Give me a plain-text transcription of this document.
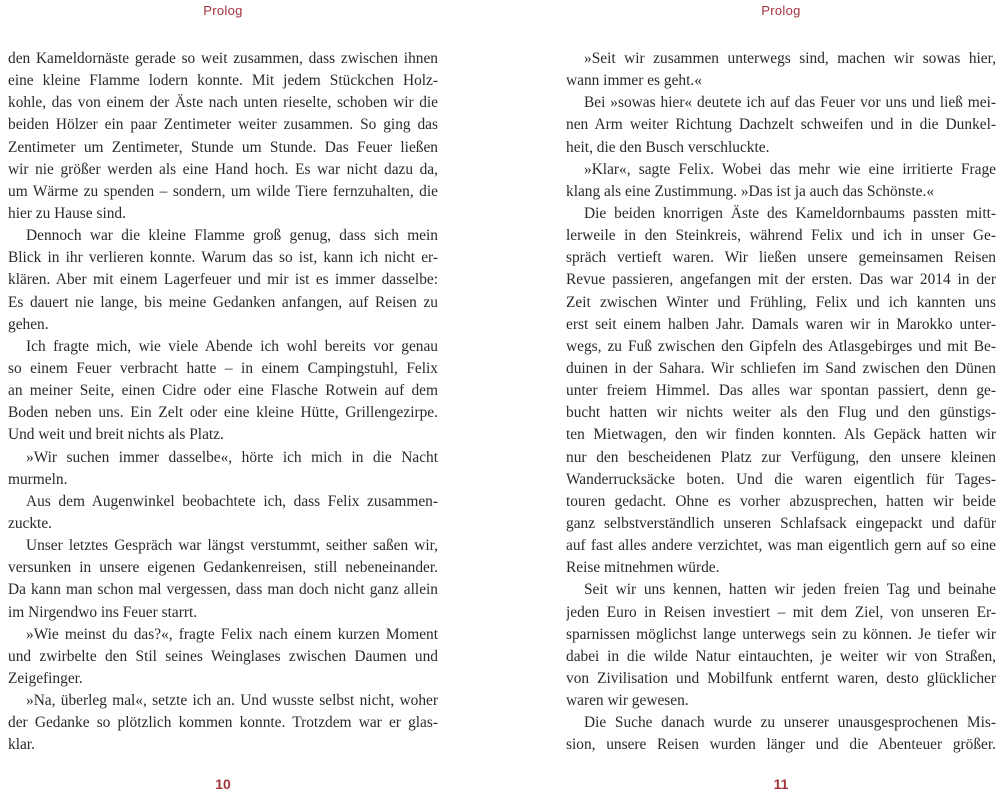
Prolog
den Kameldornäste gerade so weit zusammen, dass zwischen ihnen
eine kleine Flamme lodern konnte. Mit jedem Stückchen Holz-
kohle, das von einem der Äste nach unten rieselte, schoben wir die
beiden Hölzer ein paar Zentimeter weiter zusammen. So ging das
Zentimeter um Zentimeter, Stunde um Stunde. Das Feuer ließen
wir nie größer werden als eine Hand hoch. Es war nicht dazu da,
um Wärme zu spenden – sondern, um wilde Tiere fernzuhalten, die
hier zu Hause sind.
Dennoch war die kleine Flamme groß genug, dass sich mein
Blick in ihr verlieren konnte. Warum das so ist, kann ich nicht er-
klären. Aber mit einem Lagerfeuer und mir ist es immer dasselbe:
Es dauert nie lange, bis meine Gedanken anfangen, auf Reisen zu
gehen.
Ich fragte mich, wie viele Abende ich wohl bereits vor genau
so einem Feuer verbracht hatte – in einem Campingstuhl, Felix
an meiner Seite, einen Cidre oder eine Flasche Rotwein auf dem
Boden neben uns. Ein Zelt oder eine kleine Hütte, Grillengezirpe.
Und weit und breit nichts als Platz.
»Wir suchen immer dasselbe«, hörte ich mich in die Nacht
murmeln.
Aus dem Augenwinkel beobachtete ich, dass Felix zusammen-
zuckte.
Unser letztes Gespräch war längst verstummt, seither saßen wir,
versunken in unsere eigenen Gedankenreisen, still nebeneinander.
Da kann man schon mal vergessen, dass man doch nicht ganz allein
im Nirgendwo ins Feuer starrt.
»Wie meinst du das?«, fragte Felix nach einem kurzen Moment
und zwirbelte den Stil seines Weinglases zwischen Daumen und
Zeigefinger.
»Na, überleg mal«, setzte ich an. Und wusste selbst nicht, woher
der Gedanke so plötzlich kommen konnte. Trotzdem war er glas-
klar.
10
Prolog
»Seit wir zusammen unterwegs sind, machen wir sowas hier,
wann immer es geht.«
Bei »sowas hier« deutete ich auf das Feuer vor uns und ließ mei-
nen Arm weiter Richtung Dachzelt schweifen und in die Dunkel-
heit, die den Busch verschluckte.
»Klar«, sagte Felix. Wobei das mehr wie eine irritierte Frage
klang als eine Zustimmung. »Das ist ja auch das Schönste.«
Die beiden knorrigen Äste des Kameldornbaums passten mitt-
lerweile in den Steinkreis, während Felix und ich in unser Ge-
spräch vertieft waren. Wir ließen unsere gemeinsamen Reisen
Revue passieren, angefangen mit der ersten. Das war 2014 in der
Zeit zwischen Winter und Frühling, Felix und ich kannten uns
erst seit einem halben Jahr. Damals waren wir in Marokko unter-
wegs, zu Fuß zwischen den Gipfeln des Atlasgebirges und mit Be-
duinen in der Sahara. Wir schliefen im Sand zwischen den Dünen
unter freiem Himmel. Das alles war spontan passiert, denn ge-
bucht hatten wir nichts weiter als den Flug und den günstigs-
ten Mietwagen, den wir finden konnten. Als Gepäck hatten wir
nur den bescheidenen Platz zur Verfügung, den unsere kleinen
Wanderrucksäcke boten. Und die waren eigentlich für Tages-
touren gedacht. Ohne es vorher abzusprechen, hatten wir beide
ganz selbstverständlich unseren Schlafsack eingepackt und dafür
auf fast alles andere verzichtet, was man eigentlich gern auf so eine
Reise mitnehmen würde.
Seit wir uns kennen, hatten wir jeden freien Tag und beinahe
jeden Euro in Reisen investiert – mit dem Ziel, von unseren Er-
sparnissen möglichst lange unterwegs sein zu können. Je tiefer wir
dabei in die wilde Natur eintauchten, je weiter wir von Straßen,
von Zivilisation und Mobilfunk entfernt waren, desto glücklicher
waren wir gewesen.
Die Suche danach wurde zu unserer unausgesprochenen Mis-
sion, unsere Reisen wurden länger und die Abenteuer größer.
11
